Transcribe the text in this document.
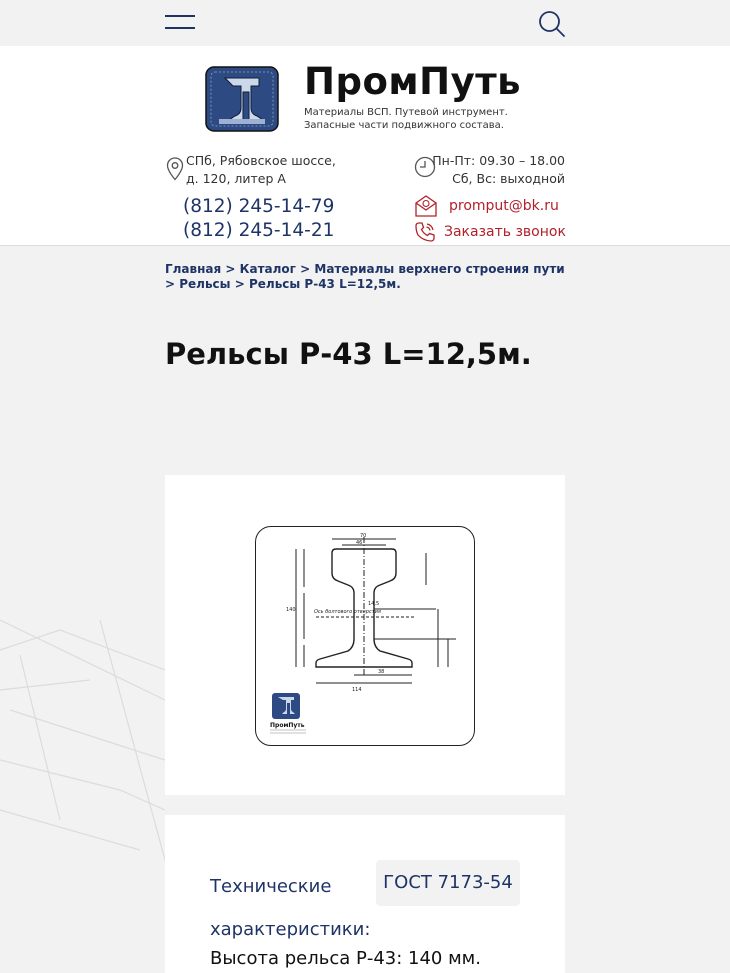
ПромПуть
Материалы ВСП. Путевой инструмент.
Запасные части подвижного состава.
СПб, Рябовское шоссе,
д. 120, литер А
Пн-Пт: 09.30 – 18.00
Сб, Вс: выходной
(812) 245-14-79
(812) 245-14-21
promput@bk.ru
Заказать звонок
Главная > Каталог > Материалы верхнего строения пути > Рельсы > Рельсы Р-43 L=12,5м.
Рельсы Р-43 L=12,5м.
70
46
14,5
Ось болтового отверстия
114
38
140
ПромПуть
Технические
характеристики:
ГОСТ 7173-54
Высота рельса Р-43: 140 мм.
